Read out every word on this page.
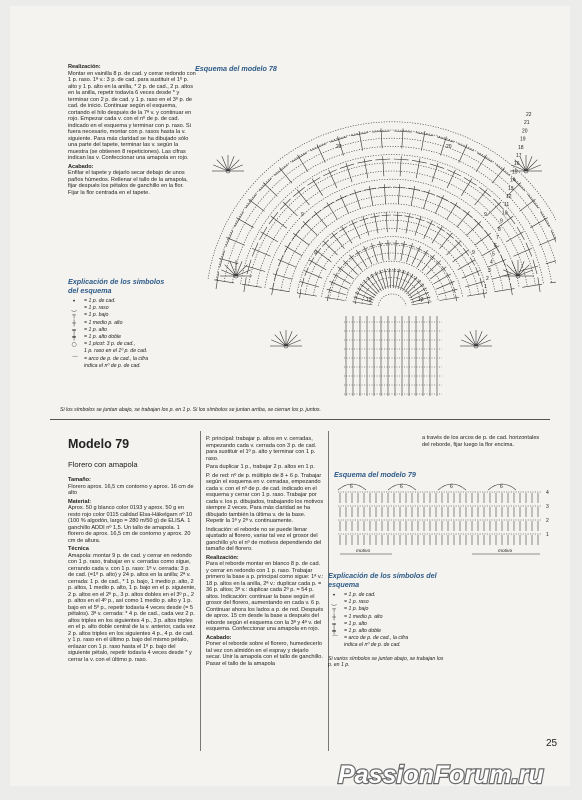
Realización:
Montar en vainilla 8 p. de cad. y cerrar redondo con 1 p. raso. 1ª v.: 3 p. de cad. para sustituir el 1º p. alto y 1 p. alto en la anilla, * 2 p. de cad., 2 p. altos en la anilla, repetir todavía 6 veces desde * y terminar con 2 p. de cad. y 1 p. raso en el 3º p. de cad. de inicio. Continuar según el esquema, cortando el hilo después de la 7ª v. y continuar en rojo. Empezar cada v. con el nº de p. de cad. indicado en el esquema y terminar con p. raso. Si fuera necesario, montar con p. rasos hasta la v. siguiente. Para más claridad se ha dibujado sólo una parte del tapete, terminar las v. según la muestra (se obtienen 8 repeticiones). Las cifras indican las v. Confeccionar una amapola en rojo.

Acabado:
Enfilar el tapete y dejarlo secar debajo de unos paños húmedos. Rellenar el tallo de la amapola, fijar después los pétalos de ganchillo en la flor. Fijar la flor centrada en el tapete.

Explicación de los símbolos
del esquema
•	= 1 p. de cad.
‿	= 1 p. raso
┬	= 1 p. bajo
┼	= 1 medio p. alto
╤	= 1 p. alto
╪	= 1 p. alto doble
○	= 1 picot: 3 p. de cad.,
1 p. raso en el 1º p. de cad.
⌒	= arco de p. de cad., la cifra
indica el nº de p. de cad.
Esquema del modelo 78
22
21
20
19
18
17
16
15
14
13
12
11
10
9
8
7
6
5
4
3
2
1
20	20
9	9
9	9
13	13
Si los símbolos se juntan abajo, se trabajan los p. en 1 p. Si los símbolos se juntan arriba, se cierran los p. juntos.
Modelo 79
Florero con amapola

Tamaño:
Florero aprox. 16,5 cm contorno y aprox. 16 cm de alto

Material:
Aprox. 50 g blanco color 0193 y aprox. 50 g en resto rojo color 0115 calidad Elsa-Häkelgarn nº 10 (100 % algodón, largo = 280 m/50 g) de ELISA. 1 ganchillo ADDI nº 1,5. Un tallo de amapola. 1 florero de aprox. 16,5 cm de contorno y aprox. 20 cm de altura.

Técnica
Amapola: montar 9 p. de cad. y cerrar en redondo con 1 p. raso, trabajar en v. cerradas como sigue, cerrando cada v. con 1 p. raso: 1ª v. cerrada: 3 p. de cad. (=1º p. alto) y 24 p. altos en la anilla; 2ª v. cerrada: 1 p. de cad., * 1 p. bajo, 1 medio p. alto, 2 p. altos, 1 medio p. alto, 1 p. bajo en el p. siguiente, 2 p. altos en el 2º p., 3 p. altos dobles en el 3º p., 2 p. altos en el 4º p., así como 1 medio p. alto y 1 p. bajo en el 5º p., repetir todavía 4 veces desde (= 5 pétalos). 3ª v. cerrada: * 4 p. de cad., cada vez 2 p. altos triples en los siguientes 4 p., 3 p. altos triples en el p. alto doble central de la v. anterior, cada vez 2 p. altos triples en los siguientes 4 p., 4 p. de cad. y 1 p. raso en el último p. bajo del mismo pétalo, enlazar con 1 p. raso hasta el 1º p. bajo del siguiente pétalo, repetir todavía 4 veces desde * y cerrar la v. con el último p. raso.

P. principal: trabajar p. altos en v. cerradas, empezando cada v. cerrada con 3 p. de cad. para sustituir el 1º p. alto y terminar con 1 p. raso.

Para duplicar 1 p., trabajar 2 p. altos en 1 p.

P. de red: nº de p. múltiplo de 8 + 6 p. Trabajar según el esquema en v. cerradas, empezando cada v. con el nº de p. de cad. indicado en el esquema y cerrar con 1 p. raso. Trabajar por cada v. los p. dibujados, trabajando los motivos siempre 2 veces. Para más claridad se ha dibujado también la última v. de la base. Repetir la 1ª y 2ª v. continuamente.

Indicación: el reborde no se puede llenar ajustado al florero, variar tal vez el grosor del ganchillo y/o el nº de motivos dependiendo del tamaño del florero.

Realización:
Para el reborde montar en blanco 8 p. de cad. y cerrar en redondo con 1 p. raso. Trabajar primero la base a p. principal como sigue: 1ª v.: 18 p. altos en la anilla, 2ª v.: duplicar cada p. = 36 p. altos; 3ª v.: duplicar cada 2º p. = 54 p. altos. Indicación: continuar la base según el grosor del florero, aumentando en cada v. 6 p. Continuar ahora los lados a p. de red. Después de aprox. 15 cm desde la base a después del reborde según el esquema con la 3ª y 4ª v. del esquema. Confeccionar una amapola en rojo.

Acabado:
Poner el reborde sobre el florero, humedecerlo tal vez con almidón en el espray y dejarlo secar. Unir la amapola con el tallo de ganchillo. Pasar el tallo de la amapola

a través de los arcos de p. de cad. horizontales del reborde, fijar luego la flor encima.
Esquema del modelo 79
4
3
2
1
6	6	6	6
motivo	motivo
Explicación de los símbolos del
esquema
•	= 1 p. de cad.
‿	= 1 p. raso
┬	= 1 p. bajo
┼	= 1 medio p. alto
╤	= 1 p. alto
╪	= 1 p. alto doble
⌒	= arco de p. de cad., la cifra
indica el nº de p. de cad.
Si varios símbolos se juntan abajo, se trabajan los p. en 1 p.
25
PassionForum.ru
